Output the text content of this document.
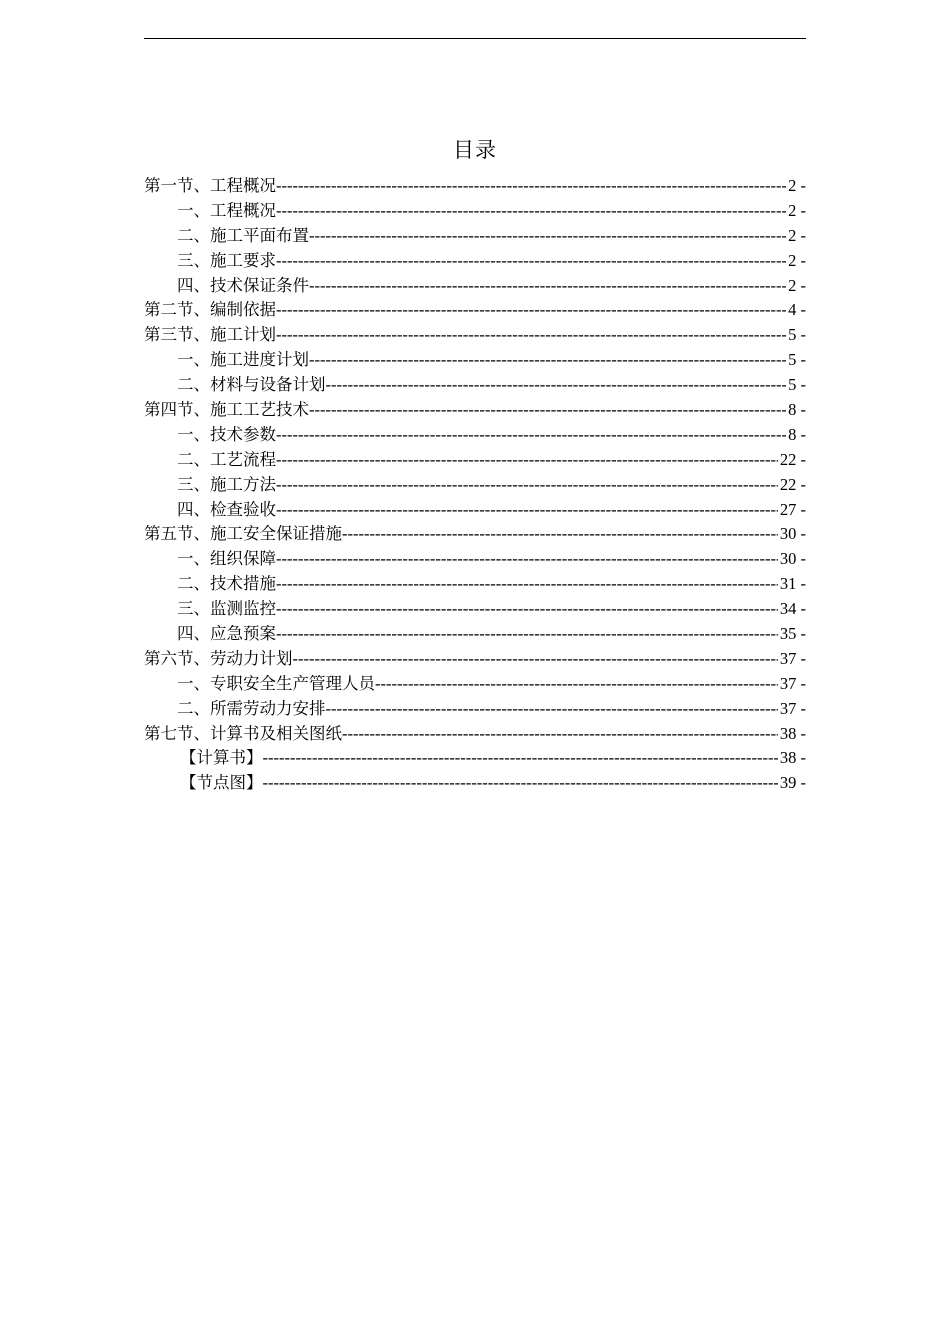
目录
第一节、工程概况 -----	2 -
一、工程概况 -----	2 -
二、施工平面布置 -----	2 -
三、施工要求 -----	2 -
四、技术保证条件 -----	2 -
第二节、编制依据 -----	4 -
第三节、施工计划 -----	5 -
一、施工进度计划 -----	5 -
二、材料与设备计划 -----	5 -
第四节、施工工艺技术 -----	8 -
一、技术参数 -----	8 -
二、工艺流程 -----	22 -
三、施工方法 -----	22 -
四、检查验收 -----	27 -
第五节、施工安全保证措施 -----	30 -
一、组织保障 -----	30 -
二、技术措施 -----	31 -
三、监测监控 -----	34 -
四、应急预案 -----	35 -
第六节、劳动力计划 -----	37 -
一、专职安全生产管理人员 -----	37 -
二、所需劳动力安排 -----	37 -
第七节、计算书及相关图纸 -----	38 -
【计算书】 -----	38 -
【节点图】 -----	39 -
